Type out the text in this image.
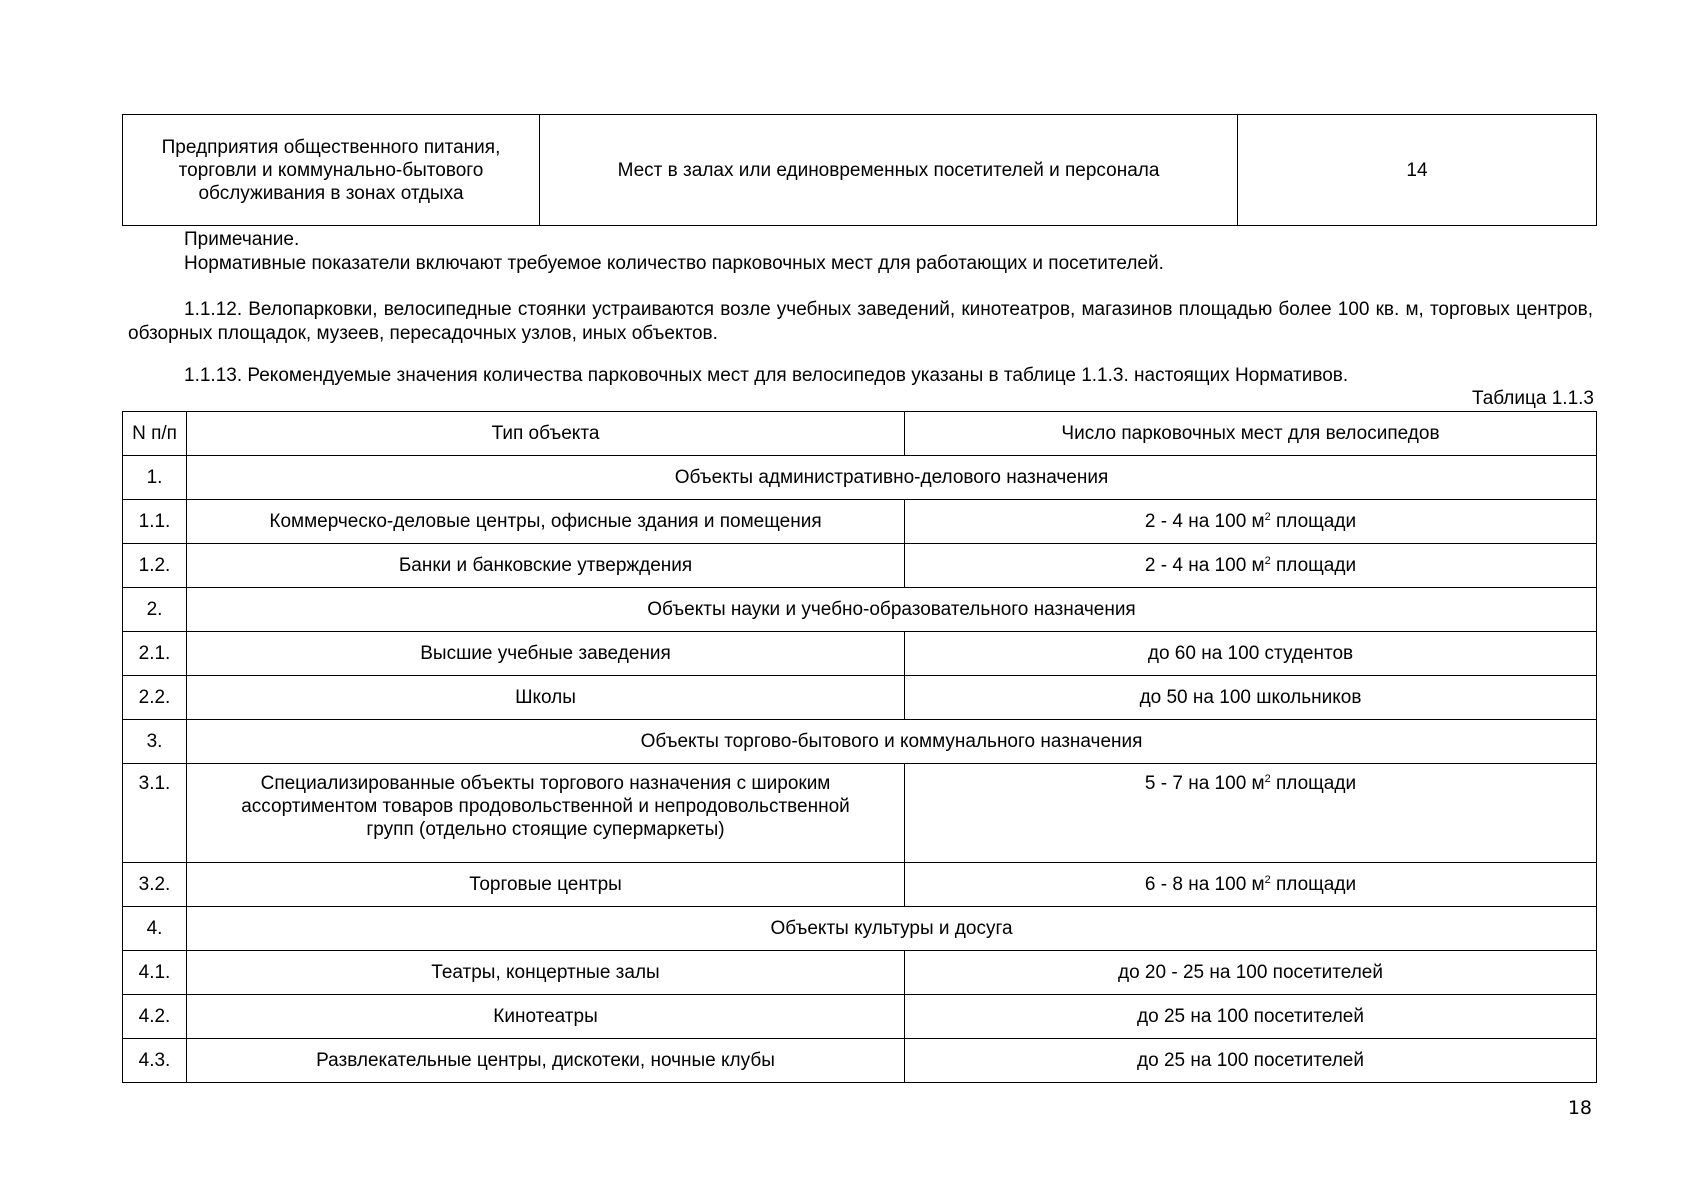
Предприятия общественного питания, торговли и коммунально-бытового обслуживания в зонах отдыха	Мест в залах или единовременных посетителей и персонала	14
Примечание.
Нормативные показатели включают требуемое количество парковочных мест для работающих и посетителей.
1.1.12. Велопарковки, велосипедные стоянки устраиваются возле учебных заведений, кинотеатров, магазинов площадью более 100 кв. м, торговых центров, обзорных площадок, музеев, пересадочных узлов, иных объектов.
1.1.13. Рекомендуемые значения количества парковочных мест для велосипедов указаны в таблице 1.1.3. настоящих Нормативов.
Таблица 1.1.3
N п/п	Тип объекта	Число парковочных мест для велосипедов
1.	Объекты административно-делового назначения	
1.1.	Коммерческо-деловые центры, офисные здания и помещения	2 - 4 на 100 $м^2$ площади
1.2.	Банки и банковские утверждения	2 - 4 на 100 $м^2$ площади
2.	Объекты науки и учебно-образовательного назначения	
2.1.	Высшие учебные заведения	до 60 на 100 студентов
2.2.	Школы	до 50 на 100 школьников
3.	Объекты торгово-бытового и коммунального назначения	
3.1.	Специализированные объекты торгового назначения с широким ассортиментом товаров продовольственной и непродовольственной групп (отдельно стоящие супермаркеты)	5 - 7 на 100 $м^2$ площади
3.2.	Торговые центры	6 - 8 на 100 $м^2$ площади
4.	Объекты культуры и досуга	
4.1.	Театры, концертные залы	до 20 - 25 на 100 посетителей
4.2.	Кинотеатры	до 25 на 100 посетителей
4.3.	Развлекательные центры, дискотеки, ночные клубы	до 25 на 100 посетителей
18
